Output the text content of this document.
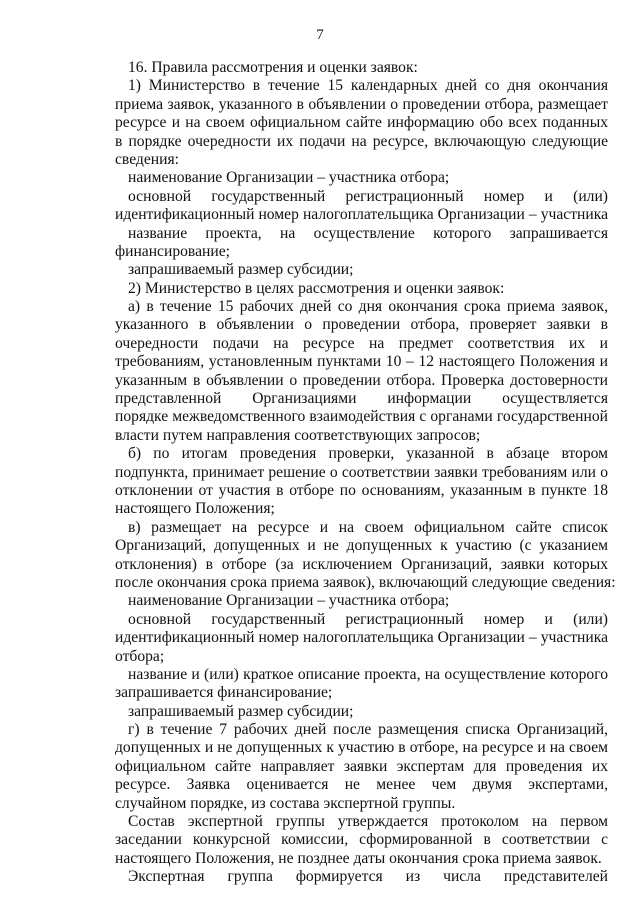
7
16. Правила рассмотрения и оценки заявок:
1) Министерство в течение 15 календарных дней со дня окончания
приема заявок, указанного в объявлении о проведении отбора, размещает
ресурсе и на своем официальном сайте информацию обо всех поданных
в порядке очередности их подачи на ресурсе, включающую следующие
сведения:
наименование Организации – участника отбора;
основной государственный регистрационный номер и (или)
идентификационный номер налогоплательщика Организации – участника
название проекта, на осуществление которого запрашивается
финансирование;
запрашиваемый размер субсидии;
2) Министерство в целях рассмотрения и оценки заявок:
а) в течение 15 рабочих дней со дня окончания срока приема заявок,
указанного в объявлении о проведении отбора, проверяет заявки в
очередности подачи на ресурсе на предмет соответствия их и
требованиям, установленным пунктами 10 – 12 настоящего Положения и
указанным в объявлении о проведении отбора. Проверка достоверности
представленной Организациями информации осуществляется
порядке межведомственного взаимодействия с органами государственной
власти путем направления соответствующих запросов;
б) по итогам проведения проверки, указанной в абзаце втором
подпункта, принимает решение о соответствии заявки требованиям или о
отклонении от участия в отборе по основаниям, указанным в пункте 18
настоящего Положения;
в) размещает на ресурсе и на своем официальном сайте список
Организаций, допущенных и не допущенных к участию (с указанием
отклонения) в отборе (за исключением Организаций, заявки которых
после окончания срока приема заявок), включающий следующие сведения:
наименование Организации – участника отбора;
основной государственный регистрационный номер и (или)
идентификационный номер налогоплательщика Организации – участника
отбора;
название и (или) краткое описание проекта, на осуществление которого
запрашивается финансирование;
запрашиваемый размер субсидии;
г) в течение 7 рабочих дней после размещения списка Организаций,
допущенных и не допущенных к участию в отборе, на ресурсе и на своем
официальном сайте направляет заявки экспертам для проведения их
ресурсе. Заявка оценивается не менее чем двумя экспертами,
случайном порядке, из состава экспертной группы.
Состав экспертной группы утверждается протоколом на первом
заседании конкурсной комиссии, сформированной в соответствии с
настоящего Положения, не позднее даты окончания срока приема заявок.
Экспертная группа формируется из числа представителей
